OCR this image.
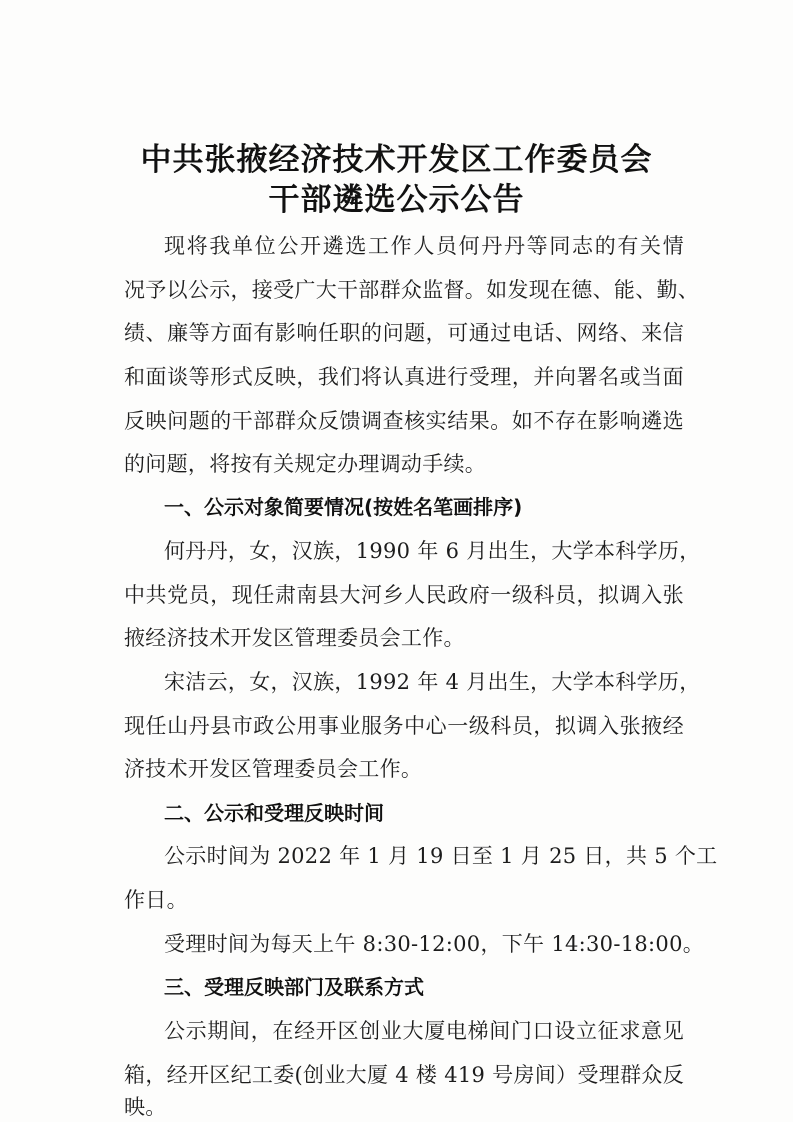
中共张掖经济技术开发区工作委员会
干部遴选公示公告

现将我单位公开遴选工作人员何丹丹等同志的有关情

况予以公示，接受广大干部群众监督。如发现在德、能、勤、

绩、廉等方面有影响任职的问题，可通过电话、网络、来信

和面谈等形式反映，我们将认真进行受理，并向署名或当面

反映问题的干部群众反馈调查核实结果。如不存在影响遴选

的问题，将按有关规定办理调动手续。

一、公示对象简要情况(按姓名笔画排序)

何丹丹，女，汉族，1990 年 6 月出生，大学本科学历，

中共党员，现任肃南县大河乡人民政府一级科员，拟调入张

掖经济技术开发区管理委员会工作。

宋洁云，女，汉族，1992 年 4 月出生，大学本科学历，

现任山丹县市政公用事业服务中心一级科员，拟调入张掖经

济技术开发区管理委员会工作。

二、公示和受理反映时间

公示时间为 2022 年 1 月 19 日至 1 月 25 日，共 5 个工

作日。

受理时间为每天上午 8:30-12:00，下午 14:30-18:00。

三、受理反映部门及联系方式

公示期间，在经开区创业大厦电梯间门口设立征求意见

箱，经开区纪工委(创业大厦 4 楼 419 号房间）受理群众反

映。
